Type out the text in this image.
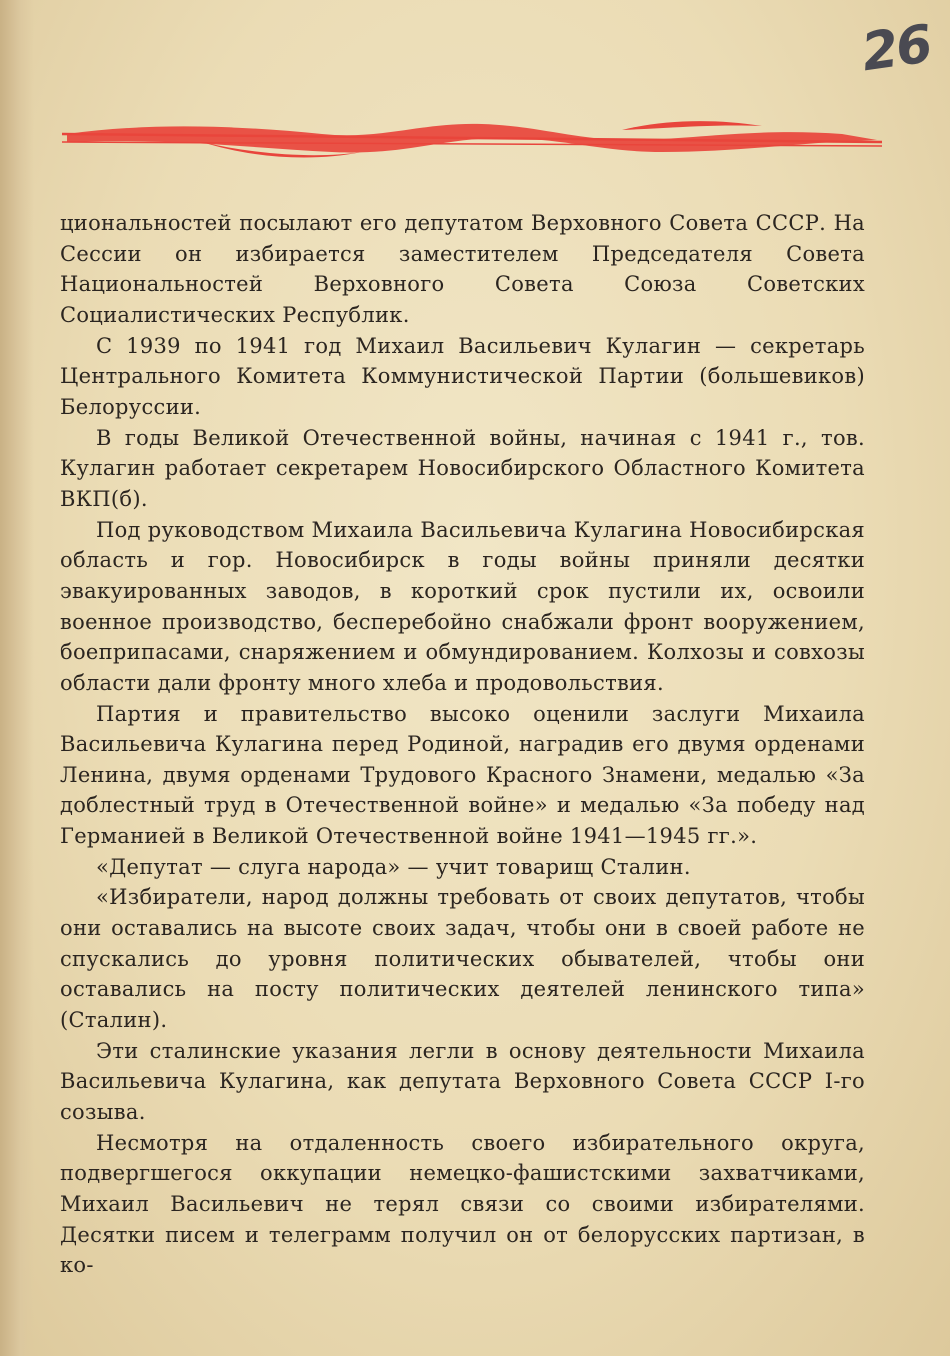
26

циональностей посылают его депутатом Верховного Совета СССР. На Сессии он избирается заместителем Председателя Совета Национальностей Верховного Совета Союза Советских Социалистических Республик.

С 1939 по 1941 год Михаил Васильевич Кулагин — секретарь Центрального Комитета Коммунистической Партии (большевиков) Белоруссии.

В годы Великой Отечественной войны, начиная с 1941 г., тов. Кулагин работает секретарем Новосибирского Областного Комитета ВКП(б).

Под руководством Михаила Васильевича Кулагина Новосибирская область и гор. Новосибирск в годы войны приняли десятки эвакуированных заводов, в короткий срок пустили их, освоили военное производство, бесперебойно снабжали фронт вооружением, боеприпасами, снаряжением и обмундированием. Колхозы и совхозы области дали фронту много хлеба и продовольствия.

Партия и правительство высоко оценили заслуги Михаила Васильевича Кулагина перед Родиной, наградив его двумя орденами Ленина, двумя орденами Трудового Красного Знамени, медалью «За доблестный труд в Отечественной войне» и медалью «За победу над Германией в Великой Отечественной войне 1941—1945 гг.».

«Депутат — слуга народа» — учит товарищ Сталин.

«Избиратели, народ должны требовать от своих депутатов, чтобы они оставались на высоте своих задач, чтобы они в своей работе не спускались до уровня политических обывателей, чтобы они оставались на посту политических деятелей ленинского типа» (Сталин).

Эти сталинские указания легли в основу деятельности Михаила Васильевича Кулагина, как депутата Верховного Совета СССР I-го созыва.

Несмотря на отдаленность своего избирательного округа, подвергшегося оккупации немецко-фашистскими захватчиками, Михаил Васильевич не терял связи со своими избирателями. Десятки писем и телеграмм получил он от белорусских партизан, в ко-
